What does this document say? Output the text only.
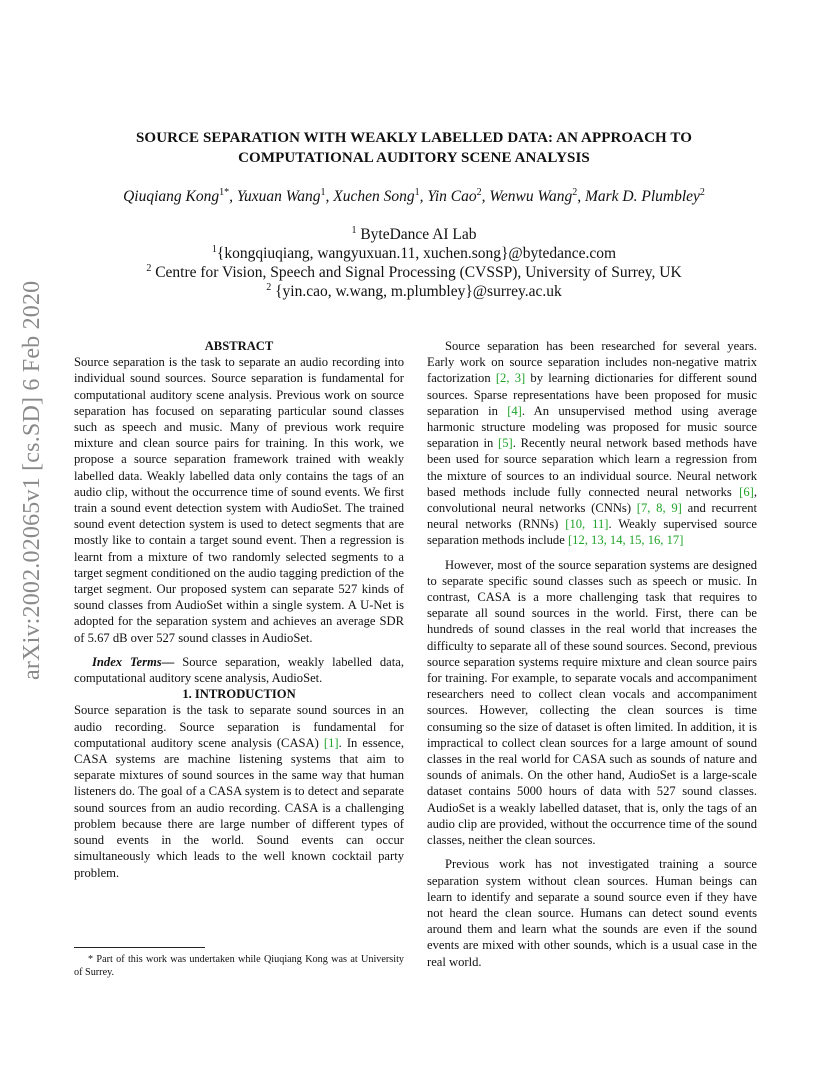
arXiv:2002.02065v1 [cs.SD] 6 Feb 2020
SOURCE SEPARATION WITH WEAKLY LABELLED DATA: AN APPROACH TO
COMPUTATIONAL AUDITORY SCENE ANALYSIS
Qiuqiang Kong$^{1*}$, Yuxuan Wang$^1$, Xuchen Song$^1$, Yin Cao$^2$, Wenwu Wang$^2$, Mark D. Plumbley$^2$
$^1$ ByteDance AI Lab
$^1${kongqiuqiang, wangyuxuan.11, xuchen.song}@bytedance.com
$^2$ Centre for Vision, Speech and Signal Processing (CVSSP), University of Surrey, UK
$^2$ {yin.cao, w.wang, m.plumbley}@surrey.ac.uk

ABSTRACT

Source separation is the task to separate an audio recording into individual sound sources. Source separation is fundamental for computational auditory scene analysis. Previous work on source separation has focused on separating particular sound classes such as speech and music. Many of previous work require mixture and clean source pairs for training. In this work, we propose a source separation framework trained with weakly labelled data. Weakly labelled data only contains the tags of an audio clip, without the occurrence time of sound events. We first train a sound event detection system with AudioSet. The trained sound event detection system is used to detect segments that are mostly like to contain a target sound event. Then a regression is learnt from a mixture of two randomly selected segments to a target segment conditioned on the audio tagging prediction of the target segment. Our proposed system can separate 527 kinds of sound classes from AudioSet within a single system. A U-Net is adopted for the separation system and achieves an average SDR of 5.67 dB over 527 sound classes in AudioSet.

Index Terms— Source separation, weakly labelled data, computational auditory scene analysis, AudioSet.

1. INTRODUCTION

Source separation is the task to separate sound sources in an audio recording. Source separation is fundamental for computational auditory scene analysis (CASA) [1]. In essence, CASA systems are machine listening systems that aim to separate mixtures of sound sources in the same way that human listeners do. The goal of a CASA system is to detect and separate sound sources from an audio recording. CASA is a challenging problem because there are large number of different types of sound events in the world. Sound events can occur simultaneously which leads to the well known cocktail party problem.

* Part of this work was undertaken while Qiuqiang Kong was at University of Surrey.

Source separation has been researched for several years. Early work on source separation includes non-negative matrix factorization [2, 3] by learning dictionaries for different sound sources. Sparse representations have been proposed for music separation in [4]. An unsupervised method using average harmonic structure modeling was proposed for music source separation in [5]. Recently neural network based methods have been used for source separation which learn a regression from the mixture of sources to an individual source. Neural network based methods include fully connected neural networks [6], convolutional neural networks (CNNs) [7, 8, 9] and recurrent neural networks (RNNs) [10, 11]. Weakly supervised source separation methods include [12, 13, 14, 15, 16, 17]

However, most of the source separation systems are designed to separate specific sound classes such as speech or music. In contrast, CASA is a more challenging task that requires to separate all sound sources in the world. First, there can be hundreds of sound classes in the real world that increases the difficulty to separate all of these sound sources. Second, previous source separation systems require mixture and clean source pairs for training. For example, to separate vocals and accompaniment researchers need to collect clean vocals and accompaniment sources. However, collecting the clean sources is time consuming so the size of dataset is often limited. In addition, it is impractical to collect clean sources for a large amount of sound classes in the real world for CASA such as sounds of nature and sounds of animals. On the other hand, AudioSet is a large-scale dataset contains 5000 hours of data with 527 sound classes. AudioSet is a weakly labelled dataset, that is, only the tags of an audio clip are provided, without the occurrence time of the sound classes, neither the clean sources.

Previous work has not investigated training a source separation system without clean sources. Human beings can learn to identify and separate a sound source even if they have not heard the clean source. Humans can detect sound events around them and learn what the sounds are even if the sound events are mixed with other sounds, which is a usual case in the real world.
